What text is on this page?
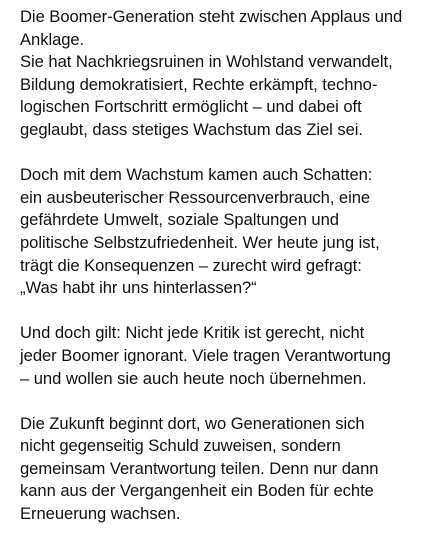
Die Boomer-Generation steht zwischen Applaus und
Anklage.
Sie hat Nachkriegsruinen in Wohlstand verwandelt,
Bildung demokratisiert, Rechte erkämpft, techno-
logischen Fortschritt ermöglicht – und dabei oft
geglaubt, dass stetiges Wachstum das Ziel sei.
Doch mit dem Wachstum kamen auch Schatten:
ein ausbeuterischer Ressourcenverbrauch, eine
gefährdete Umwelt, soziale Spaltungen und
politische Selbstzufriedenheit. Wer heute jung ist,
trägt die Konsequenzen – zurecht wird gefragt:
„Was habt ihr uns hinterlassen?“
Und doch gilt: Nicht jede Kritik ist gerecht, nicht
jeder Boomer ignorant. Viele tragen Verantwortung
– und wollen sie auch heute noch übernehmen.
Die Zukunft beginnt dort, wo Generationen sich
nicht gegenseitig Schuld zuweisen, sondern
gemeinsam Verantwortung teilen. Denn nur dann
kann aus der Vergangenheit ein Boden für echte
Erneuerung wachsen.
